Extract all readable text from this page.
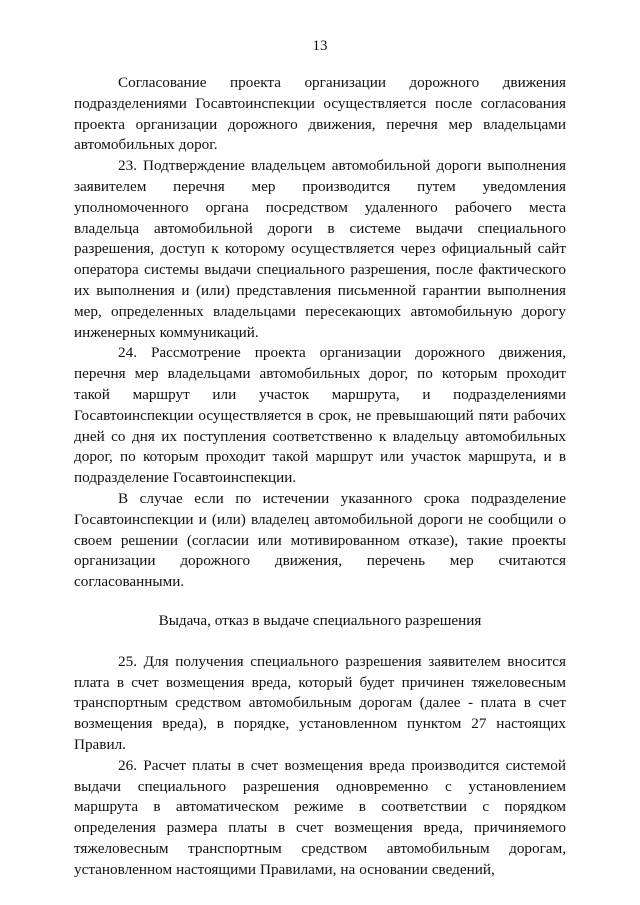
13

Согласование проекта организации дорожного движения подразделениями Госавтоинспекции осуществляется после согласования проекта организации дорожного движения, перечня мер владельцами автомобильных дорог.

23. Подтверждение владельцем автомобильной дороги выполнения заявителем перечня мер производится путем уведомления уполномоченного органа посредством удаленного рабочего места владельца автомобильной дороги в системе выдачи специального разрешения, доступ к которому осуществляется через официальный сайт оператора системы выдачи специального разрешения, после фактического их выполнения и (или) представления письменной гарантии выполнения мер, определенных владельцами пересекающих автомобильную дорогу инженерных коммуникаций.

24. Рассмотрение проекта организации дорожного движения, перечня мер владельцами автомобильных дорог, по которым проходит такой маршрут или участок маршрута, и подразделениями Госавтоинспекции осуществляется в срок, не превышающий пяти рабочих дней со дня их поступления соответственно к владельцу автомобильных дорог, по которым проходит такой маршрут или участок маршрута, и в подразделение Госавтоинспекции.

В случае если по истечении указанного срока подразделение Госавтоинспекции и (или) владелец автомобильной дороги не сообщили о своем решении (согласии или мотивированном отказе), такие проекты организации дорожного движения, перечень мер считаются согласованными.

Выдача, отказ в выдаче специального разрешения

25. Для получения специального разрешения заявителем вносится плата в счет возмещения вреда, который будет причинен тяжеловесным транспортным средством автомобильным дорогам (далее - плата в счет возмещения вреда), в порядке, установленном пунктом 27 настоящих Правил.

26. Расчет платы в счет возмещения вреда производится системой выдачи специального разрешения одновременно с установлением маршрута в автоматическом режиме в соответствии с порядком определения размера платы в счет возмещения вреда, причиняемого тяжеловесным транспортным средством автомобильным дорогам, установленном настоящими Правилами, на основании сведений,
